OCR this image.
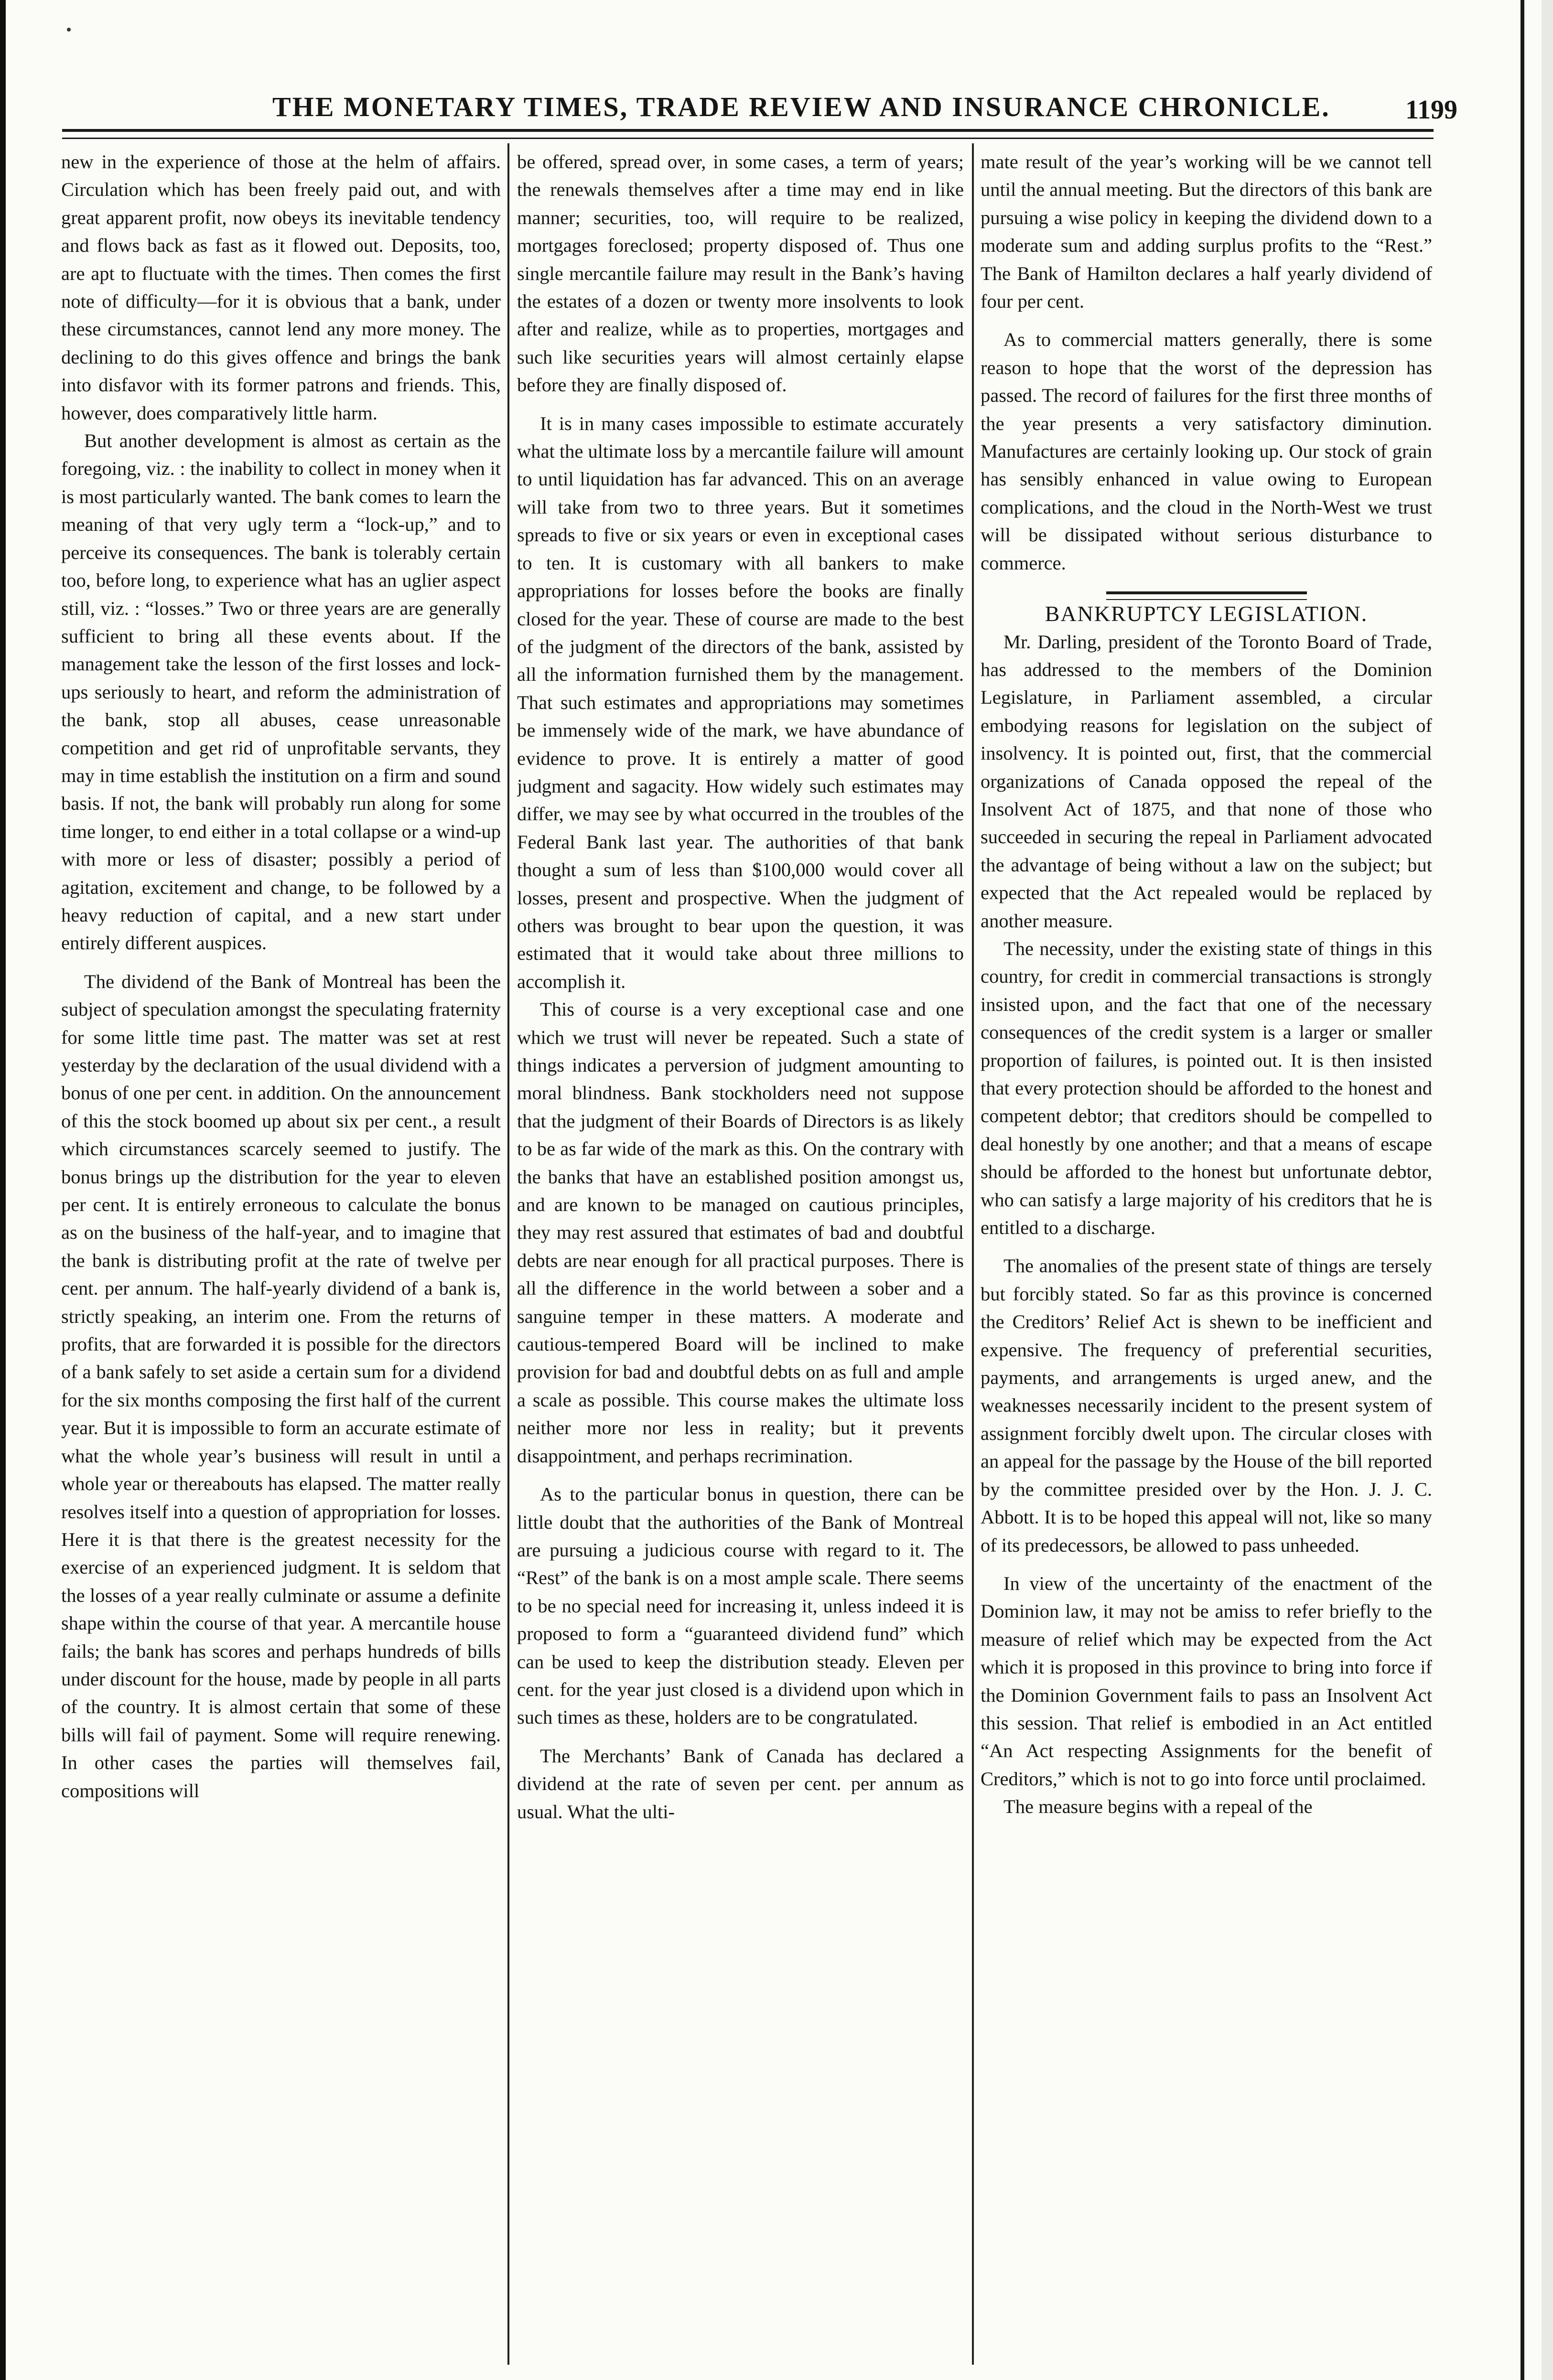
THE MONETARY TIMES, TRADE REVIEW AND INSURANCE CHRONICLE.	1199

new in the experience of those at the helm of affairs. Circulation which has been freely paid out, and with great apparent profit, now obeys its inevitable tendency and flows back as fast as it flowed out. Deposits, too, are apt to fluctuate with the times. Then comes the first note of difficulty—for it is obvious that a bank, under these circumstances, cannot lend any more money. The declining to do this gives offence and brings the bank into disfavor with its former patrons and friends. This, however, does comparatively little harm.

But another development is almost as certain as the foregoing, viz. : the inability to collect in money when it is most particularly wanted. The bank comes to learn the meaning of that very ugly term a “lock-up,” and to perceive its consequences. The bank is tolerably certain too, before long, to experience what has an uglier aspect still, viz. : “losses.” Two or three years are are generally sufficient to bring all these events about. If the management take the lesson of the first losses and lock-ups seriously to heart, and reform the administration of the bank, stop all abuses, cease unreasonable competition and get rid of unprofitable servants, they may in time establish the institution on a firm and sound basis. If not, the bank will probably run along for some time longer, to end either in a total collapse or a wind-up with more or less of disaster; possibly a period of agitation, excitement and change, to be followed by a heavy reduction of capital, and a new start under entirely different auspices.

The dividend of the Bank of Montreal has been the subject of speculation amongst the speculating fraternity for some little time past. The matter was set at rest yesterday by the declaration of the usual dividend with a bonus of one per cent. in addition. On the announcement of this the stock boomed up about six per cent., a result which circumstances scarcely seemed to justify. The bonus brings up the distribution for the year to eleven per cent. It is entirely erroneous to calculate the bonus as on the business of the half-year, and to imagine that the bank is distributing profit at the rate of twelve per cent. per annum. The half-yearly dividend of a bank is, strictly speaking, an interim one. From the returns of profits, that are forwarded it is possible for the directors of a bank safely to set aside a certain sum for a dividend for the six months composing the first half of the current year. But it is impossible to form an accurate estimate of what the whole year’s business will result in until a whole year or thereabouts has elapsed. The matter really resolves itself into a question of appropriation for losses. Here it is that there is the greatest necessity for the exercise of an experienced judgment. It is seldom that the losses of a year really culminate or assume a definite shape within the course of that year. A mercantile house fails; the bank has scores and perhaps hundreds of bills under discount for the house, made by people in all parts of the country. It is almost certain that some of these bills will fail of payment. Some will require renewing. In other cases the parties will themselves fail, compositions will

be offered, spread over, in some cases, a term of years; the renewals themselves after a time may end in like manner; securities, too, will require to be realized, mortgages foreclosed; property disposed of. Thus one single mercantile failure may result in the Bank’s having the estates of a dozen or twenty more insolvents to look after and realize, while as to properties, mortgages and such like securities years will almost certainly elapse before they are finally disposed of.

It is in many cases impossible to estimate accurately what the ultimate loss by a mercantile failure will amount to until liquidation has far advanced. This on an average will take from two to three years. But it sometimes spreads to five or six years or even in exceptional cases to ten. It is customary with all bankers to make appropriations for losses before the books are finally closed for the year. These of course are made to the best of the judgment of the directors of the bank, assisted by all the information furnished them by the management. That such estimates and appropriations may sometimes be immensely wide of the mark, we have abundance of evidence to prove. It is entirely a matter of good judgment and sagacity. How widely such estimates may differ, we may see by what occurred in the troubles of the Federal Bank last year. The authorities of that bank thought a sum of less than $100,000 would cover all losses, present and prospective. When the judgment of others was brought to bear upon the question, it was estimated that it would take about three millions to accomplish it.

This of course is a very exceptional case and one which we trust will never be repeated. Such a state of things indicates a perversion of judgment amounting to moral blindness. Bank stockholders need not suppose that the judgment of their Boards of Directors is as likely to be as far wide of the mark as this. On the contrary with the banks that have an established position amongst us, and are known to be managed on cautious principles, they may rest assured that estimates of bad and doubtful debts are near enough for all practical purposes. There is all the difference in the world between a sober and a sanguine temper in these matters. A moderate and cautious-tempered Board will be inclined to make provision for bad and doubtful debts on as full and ample a scale as possible. This course makes the ultimate loss neither more nor less in reality; but it prevents disappointment, and perhaps recrimination.

As to the particular bonus in question, there can be little doubt that the authorities of the Bank of Montreal are pursuing a judicious course with regard to it. The “Rest” of the bank is on a most ample scale. There seems to be no special need for increasing it, unless indeed it is proposed to form a “guaranteed dividend fund” which can be used to keep the distribution steady. Eleven per cent. for the year just closed is a dividend upon which in such times as these, holders are to be congratulated.

The Merchants’ Bank of Canada has declared a dividend at the rate of seven per cent. per annum as usual. What the ulti-

mate result of the year’s working will be we cannot tell until the annual meeting. But the directors of this bank are pursuing a wise policy in keeping the dividend down to a moderate sum and adding surplus profits to the “Rest.” The Bank of Hamilton declares a half yearly dividend of four per cent.

As to commercial matters generally, there is some reason to hope that the worst of the depression has passed. The record of failures for the first three months of the year presents a very satisfactory diminution. Manufactures are certainly looking up. Our stock of grain has sensibly enhanced in value owing to European complications, and the cloud in the North-West we trust will be dissipated without serious disturbance to commerce.

BANKRUPTCY LEGISLATION.

Mr. Darling, president of the Toronto Board of Trade, has addressed to the members of the Dominion Legislature, in Parliament assembled, a circular embodying reasons for legislation on the subject of insolvency. It is pointed out, first, that the commercial organizations of Canada opposed the repeal of the Insolvent Act of 1875, and that none of those who succeeded in securing the repeal in Parliament advocated the advantage of being without a law on the subject; but expected that the Act repealed would be replaced by another measure.

The necessity, under the existing state of things in this country, for credit in commercial transactions is strongly insisted upon, and the fact that one of the necessary consequences of the credit system is a larger or smaller proportion of failures, is pointed out. It is then insisted that every protection should be afforded to the honest and competent debtor; that creditors should be compelled to deal honestly by one another; and that a means of escape should be afforded to the honest but unfortunate debtor, who can satisfy a large majority of his creditors that he is entitled to a discharge.

The anomalies of the present state of things are tersely but forcibly stated. So far as this province is concerned the Creditors’ Relief Act is shewn to be inefficient and expensive. The frequency of preferential securities, payments, and arrangements is urged anew, and the weaknesses necessarily incident to the present system of assignment forcibly dwelt upon. The circular closes with an appeal for the passage by the House of the bill reported by the committee presided over by the Hon. J. J. C. Abbott. It is to be hoped this appeal will not, like so many of its predecessors, be allowed to pass unheeded.

In view of the uncertainty of the enactment of the Dominion law, it may not be amiss to refer briefly to the measure of relief which may be expected from the Act which it is proposed in this province to bring into force if the Dominion Government fails to pass an Insolvent Act this session. That relief is embodied in an Act entitled “An Act respecting Assignments for the benefit of Creditors,” which is not to go into force until proclaimed.

The measure begins with a repeal of the
